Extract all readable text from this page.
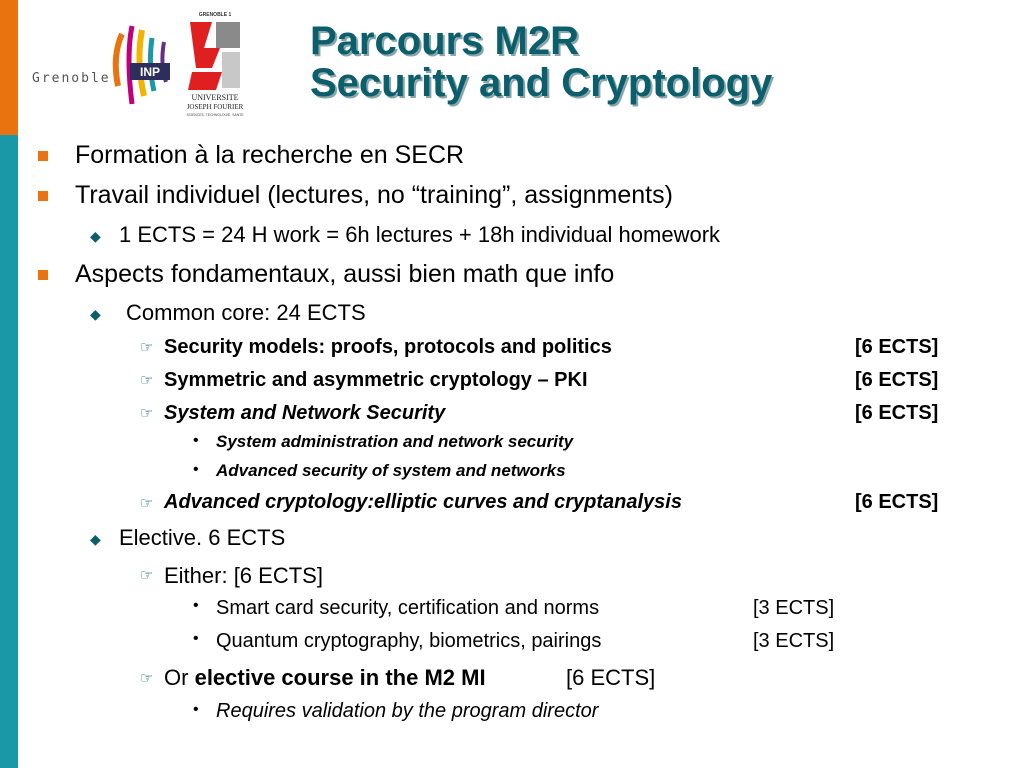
INP
Grenoble
GRENOBLE 1
UNIVERSITE
JOSEPH FOURIER
SCIENCES. TECHNOLOGIE. SANTE
Parcours M2R
Security and Cryptology
Formation à la recherche en SECR
Travail individuel (lectures, no “training”, assignments)
◆ 1 ECTS = 24 H work = 6h lectures + 18h individual homework
Aspects fondamentaux, aussi bien math que info
◆ Common core: 24 ECTS
☞ Security models: proofs, protocols and politics	[6 ECTS]
☞ Symmetric and asymmetric cryptology – PKI	[6 ECTS]
☞ System and Network Security	[6 ECTS]
• System administration and network security
• Advanced security of system and networks
☞ Advanced cryptology:elliptic curves and cryptanalysis	[6 ECTS]
◆ Elective. 6 ECTS
☞ Either: [6 ECTS]
• Smart card security, certification and norms	[3 ECTS]
• Quantum cryptography, biometrics, pairings	[3 ECTS]
☞ Or elective course in the M2 MI	[6 ECTS]
• Requires validation by the program director
